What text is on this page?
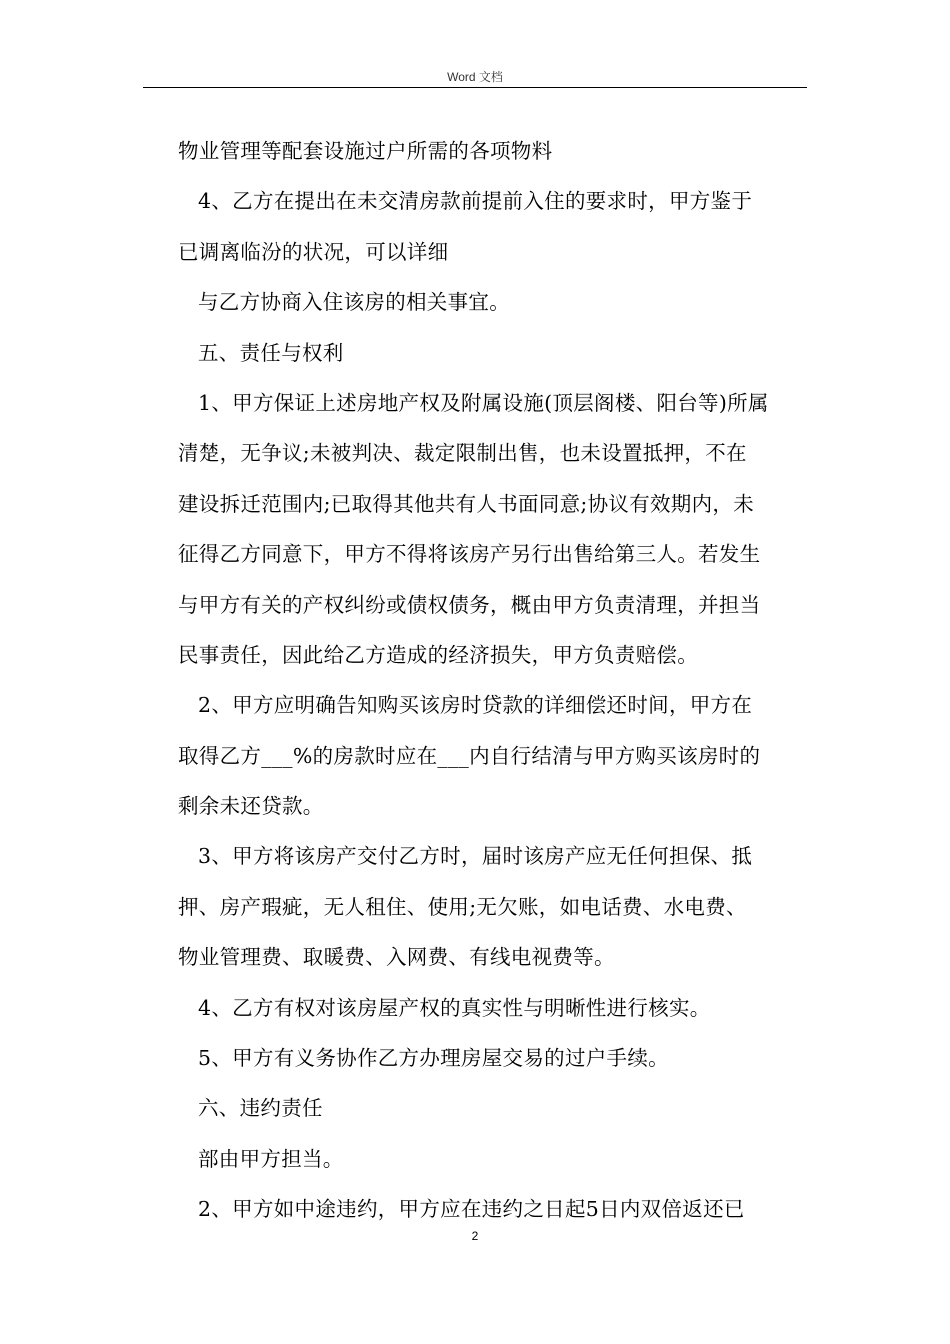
Word 文档
物业管理等配套设施过户所需的各项物料
4、乙方在提出在未交清房款前提前入住的要求时，甲方鉴于
已调离临汾的状况，可以详细
与乙方协商入住该房的相关事宜。
五、责任与权利
1、甲方保证上述房地产权及附属设施(顶层阁楼、阳台等)所属
清楚，无争议;未被判决、裁定限制出售，也未设置抵押，不在
建设拆迁范围内;已取得其他共有人书面同意;协议有效期内，未
征得乙方同意下，甲方不得将该房产另行出售给第三人。若发生
与甲方有关的产权纠纷或债权债务，概由甲方负责清理，并担当
民事责任，因此给乙方造成的经济损失，甲方负责赔偿。
2、甲方应明确告知购买该房时贷款的详细偿还时间，甲方在
取得乙方___%的房款时应在___内自行结清与甲方购买该房时的
剩余未还贷款。
3、甲方将该房产交付乙方时，届时该房产应无任何担保、抵
押、房产瑕疵，无人租住、使用;无欠账，如电话费、水电费、
物业管理费、取暖费、入网费、有线电视费等。
4、乙方有权对该房屋产权的真实性与明晰性进行核实。
5、甲方有义务协作乙方办理房屋交易的过户手续。
六、违约责任
部由甲方担当。
2、甲方如中途违约，甲方应在违约之日起5日内双倍返还已
2
